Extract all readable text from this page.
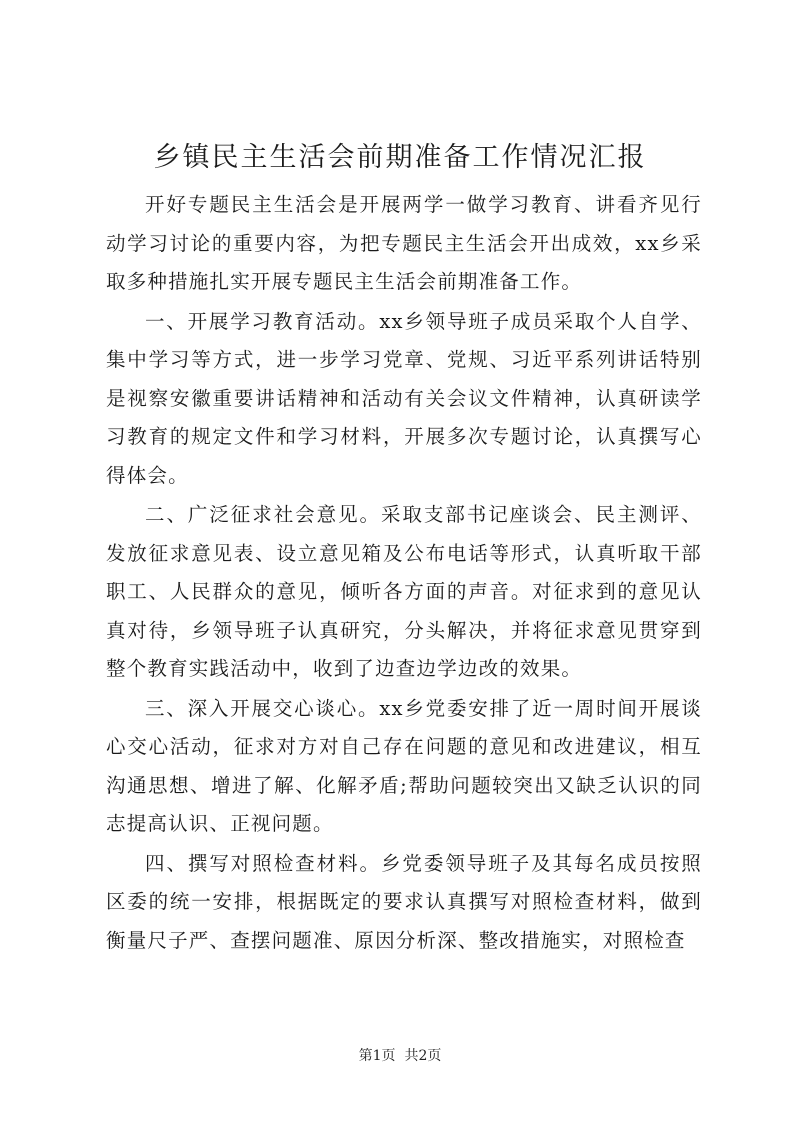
乡镇民主生活会前期准备工作情况汇报

开好专题民主生活会是开展两学一做学习教育、讲看齐见行动学习讨论的重要内容，为把专题民主生活会开出成效，xx乡采取多种措施扎实开展专题民主生活会前期准备工作。

一、开展学习教育活动。xx乡领导班子成员采取个人自学、集中学习等方式，进一步学习党章、党规、习近平系列讲话特别是视察安徽重要讲话精神和活动有关会议文件精神，认真研读学习教育的规定文件和学习材料，开展多次专题讨论，认真撰写心得体会。

二、广泛征求社会意见。采取支部书记座谈会、民主测评、发放征求意见表、设立意见箱及公布电话等形式，认真听取干部职工、人民群众的意见，倾听各方面的声音。对征求到的意见认真对待，乡领导班子认真研究，分头解决，并将征求意见贯穿到整个教育实践活动中，收到了边查边学边改的效果。

三、深入开展交心谈心。xx乡党委安排了近一周时间开展谈心交心活动，征求对方对自己存在问题的意见和改进建议，相互沟通思想、增进了解、化解矛盾;帮助问题较突出又缺乏认识的同志提高认识、正视问题。

四、撰写对照检查材料。乡党委领导班子及其每名成员按照区委的统一安排，根据既定的要求认真撰写对照检查材料，做到衡量尺子严、查摆问题准、原因分析深、整改措施实，对照检查

第1页  共2页
